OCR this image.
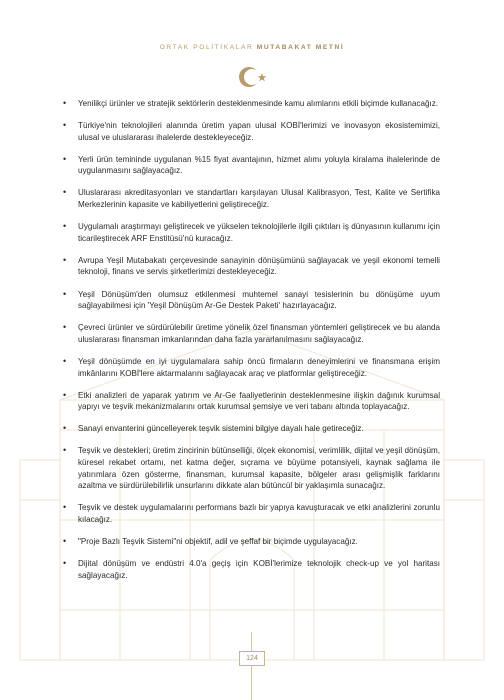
ORTAK POLİTİKALAR MUTABAKAT METNİ
• Yenilikçi ürünler ve stratejik sektörlerin desteklenmesinde kamu alımlarını etkili biçimde kullanacağız.
• Türkiye'nin teknolojileri alanında üretim yapan ulusal KOBİ'lerimizi ve inovasyon ekosistemimizi, ulusal ve uluslararası ihalelerde destekleyeceğiz.
• Yerli ürün temininde uygulanan %15 fiyat avantajının, hizmet alımı yoluyla kiralama ihalelerinde de uygulanmasını sağlayacağız.
• Uluslararası akreditasyonları ve standartları karşılayan Ulusal Kalibrasyon, Test, Kalite ve Sertifika Merkezlerinin kapasite ve kabiliyetlerini geliştireceğiz.
• Uygulamalı araştırmayı geliştirecek ve yükselen teknolojilerle ilgili çıktıları iş dünyasının kullanımı için ticarileştirecek ARF Enstitüsü'nü kuracağız.
• Avrupa Yeşil Mutabakatı çerçevesinde sanayinin dönüşümünü sağlayacak ve yeşil ekonomi temelli teknoloji, finans ve servis şirketlerimizi destekleyeceğiz.
• Yeşil Dönüşüm'den olumsuz etkilenmesi muhtemel sanayi tesislerinin bu dönüşüme uyum sağlayabilmesi için 'Yeşil Dönüşüm Ar-Ge Destek Paketi' hazırlayacağız.
• Çevreci ürünler ve sürdürülebilir üretime yönelik özel finansman yöntemleri geliştirecek ve bu alanda uluslararası finansman imkanlarından daha fazla yararlanılmasını sağlayacağız.
• Yeşil dönüşümde en iyi uygulamalara sahip öncü firmaların deneyimlerini ve finansmana erişim imkânlarını KOBİ'lere aktarmalarını sağlayacak araç ve platformlar geliştireceğiz.
• Etki analizleri de yaparak yatırım ve Ar-Ge faaliyetlerinin desteklenmesine ilişkin dağınık kurumsal yapıyı ve teşvik mekanizmalarını ortak kurumsal şemsiye ve veri tabanı altında toplayacağız.
• Sanayi envanterini güncelleyerek teşvik sistemini bilgiye dayalı hale getireceğiz.
• Teşvik ve destekleri; üretim zincirinin bütünselliği, ölçek ekonomisi, verimlilik, dijital ve yeşil dönüşüm, küresel rekabet ortamı, net katma değer, sıçrama ve büyüme potansiyeli, kaynak sağlama ile yatırımlara özen gösterme, finansman, kurumsal kapasite, bölgeler arası gelişmişlik farklarını azaltma ve sürdürülebilirlik unsurlarını dikkate alan bütüncül bir yaklaşımla sunacağız.
• Teşvik ve destek uygulamalarını performans bazlı bir yapıya kavuşturacak ve etki analizlerini zorunlu kılacağız.
• "Proje Bazlı Teşvik Sistemi"ni objektif, adil ve şeffaf bir biçimde uygulayacağız.
• Dijital dönüşüm ve endüstri 4.0'a geçiş için KOBİ'lerimize teknolojik check-up ve yol haritası sağlayacağız.
124
